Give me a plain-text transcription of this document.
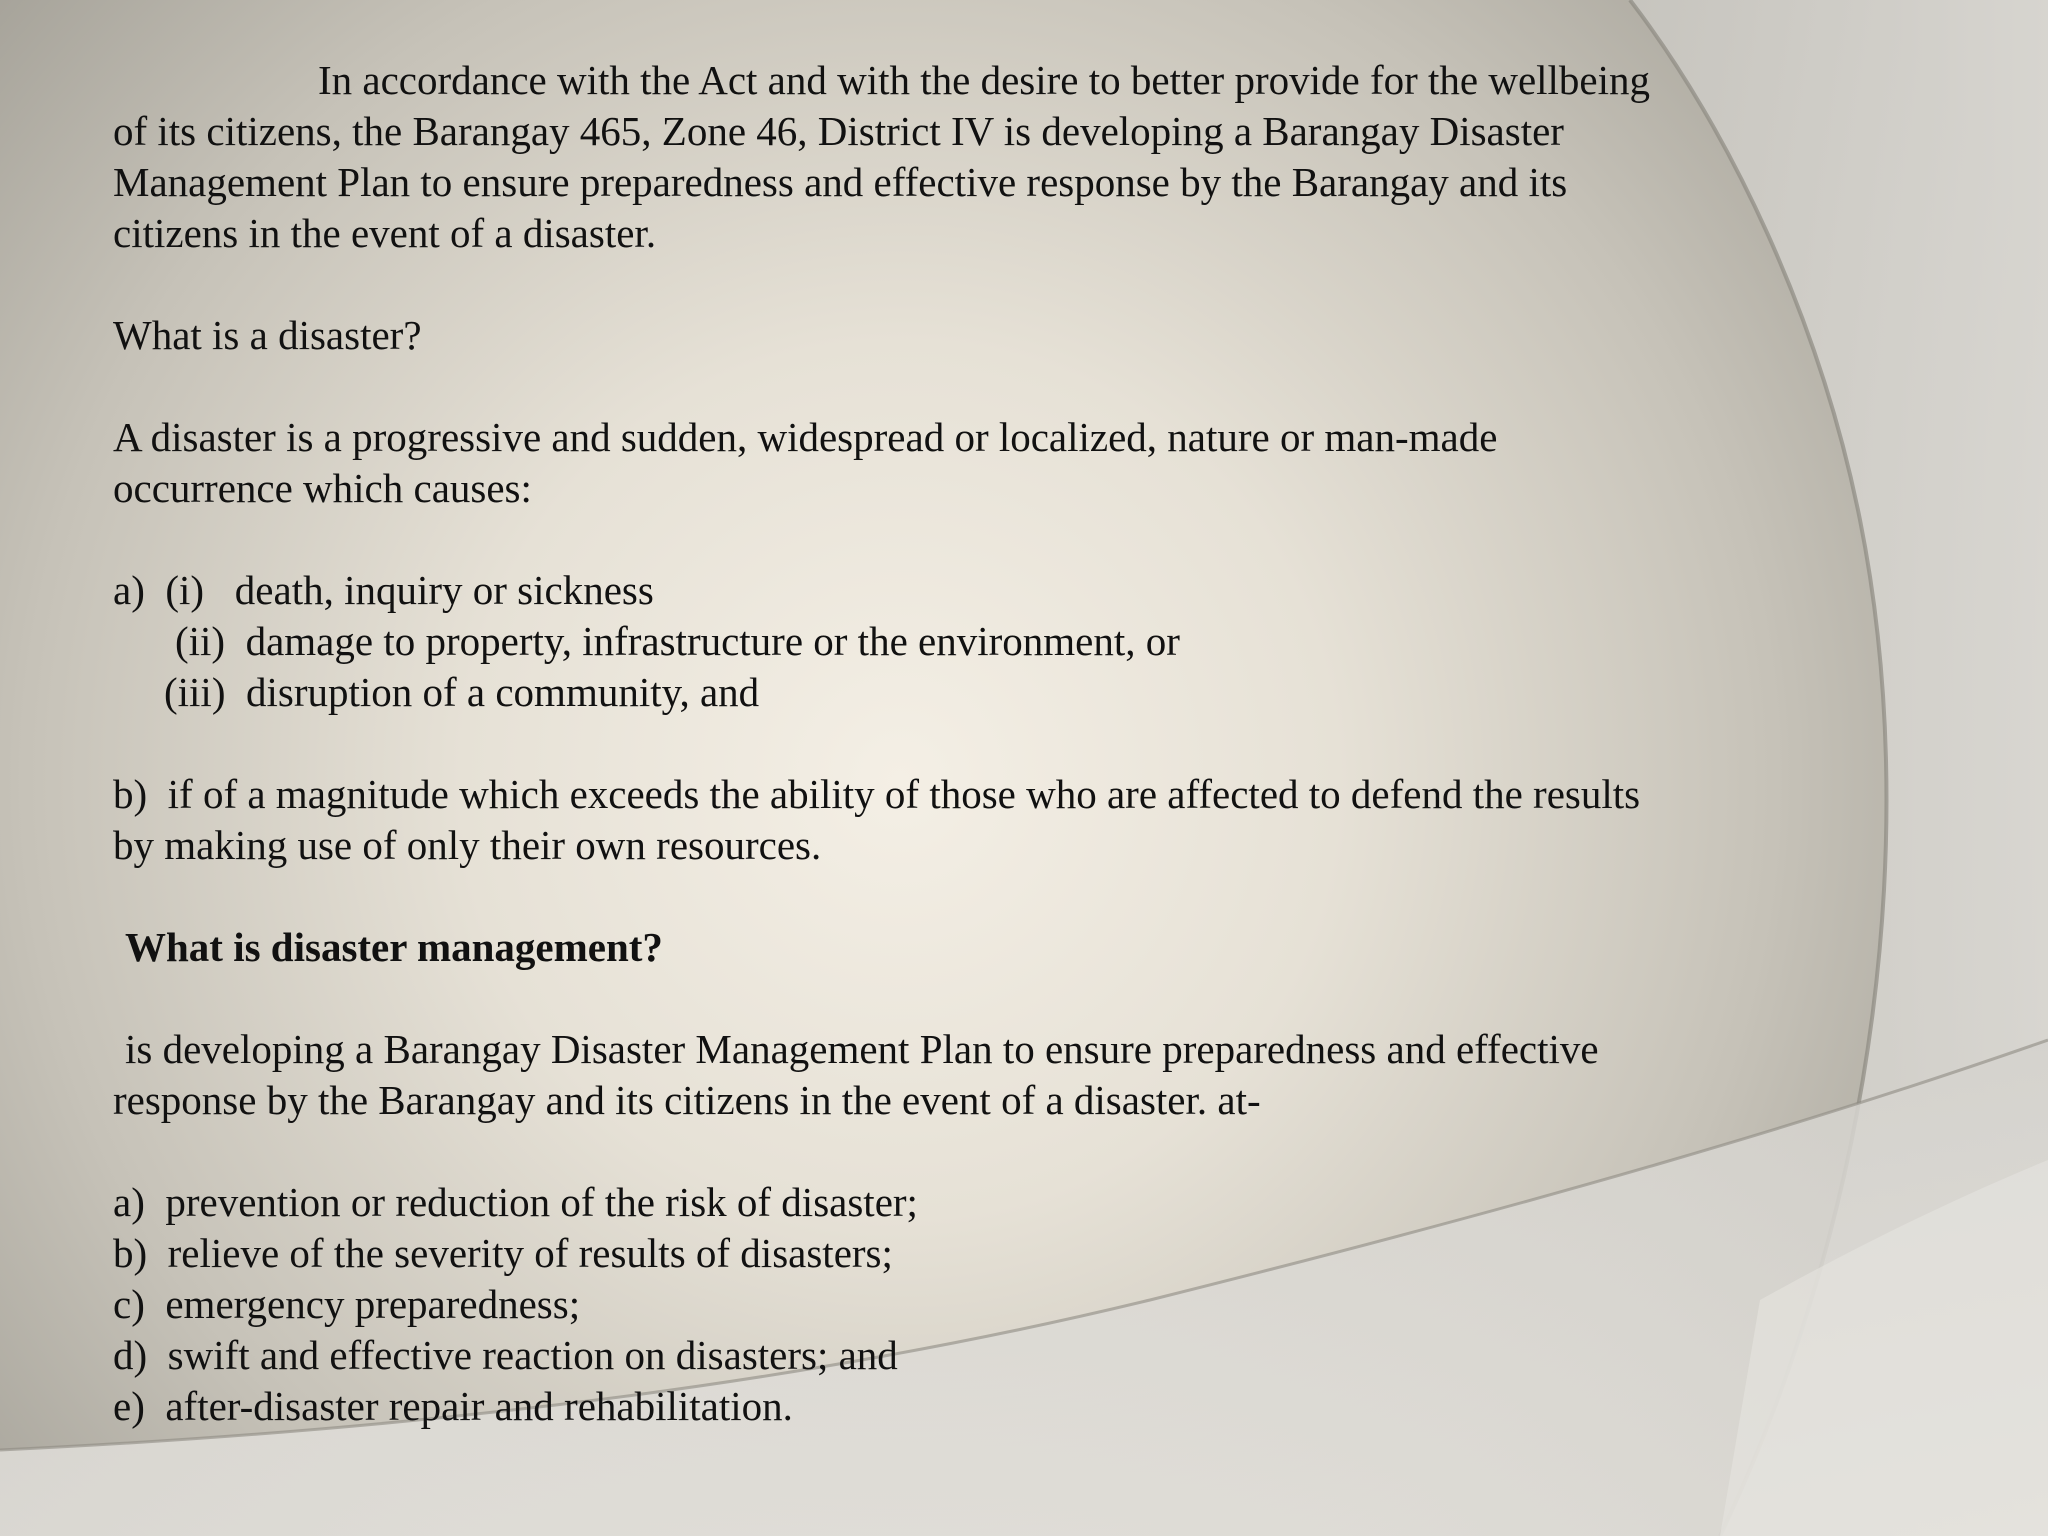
In accordance with the Act and with the desire to better provide for the wellbeing
of its citizens, the Barangay 465, Zone 46, District IV is developing a Barangay Disaster
Management Plan to ensure preparedness and effective response by the Barangay and its
citizens in the event of a disaster.
What is a disaster?
A disaster is a progressive and sudden, widespread or localized, nature or man-made
occurrence which causes:
a)  (i)   death, inquiry or sickness
(ii)  damage to property, infrastructure or the environment, or
(iii)  disruption of a community, and
b)  if of a magnitude which exceeds the ability of those who are affected to defend the results
by making use of only their own resources.
What is disaster management?
is developing a Barangay Disaster Management Plan to ensure preparedness and effective
response by the Barangay and its citizens in the event of a disaster. at-
a)  prevention or reduction of the risk of disaster;
b)  relieve of the severity of results of disasters;
c)  emergency preparedness;
d)  swift and effective reaction on disasters; and
e)  after-disaster repair and rehabilitation.
